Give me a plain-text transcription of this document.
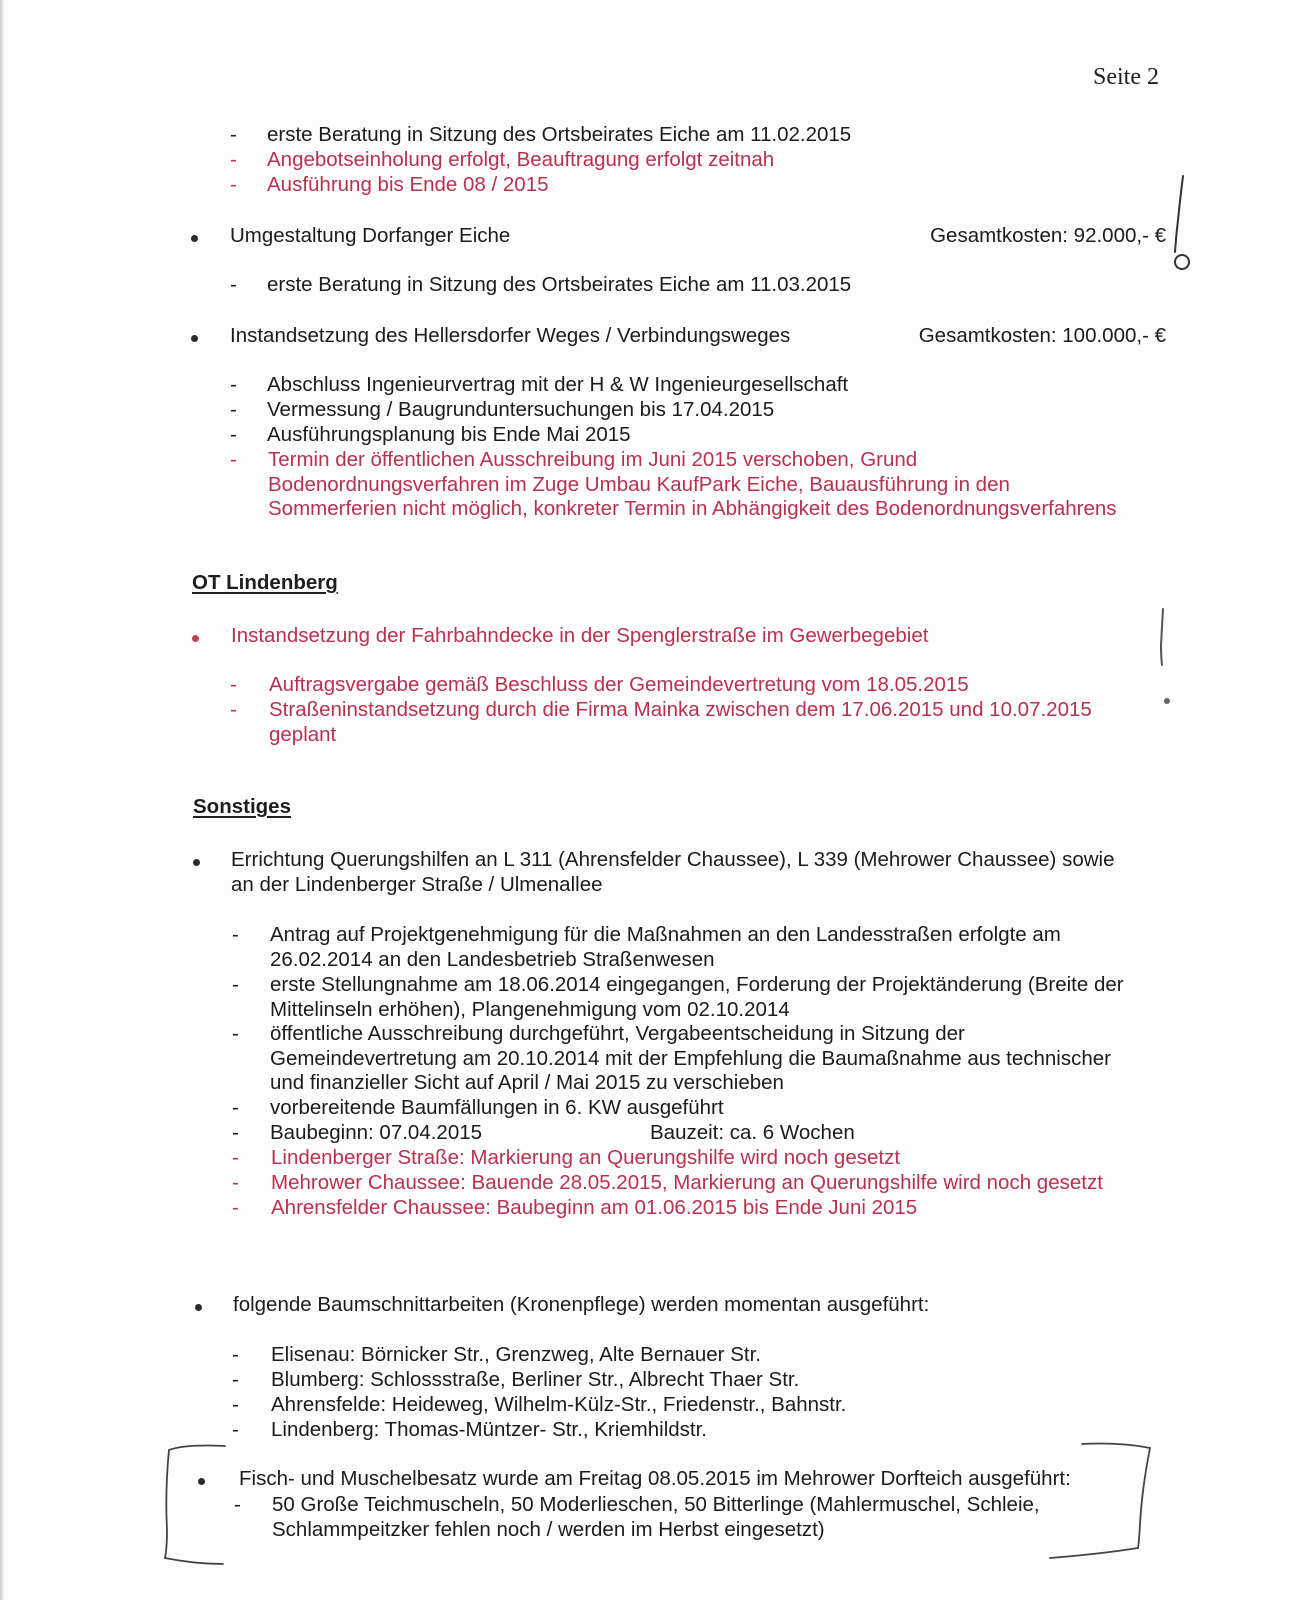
Seite 2
- erste Beratung in Sitzung des Ortsbeirates Eiche am 11.02.2015
- Angebotseinholung erfolgt, Beauftragung erfolgt zeitnah
- Ausführung bis Ende 08 / 2015
Umgestaltung Dorfanger Eiche	Gesamtkosten: 92.000,- €
- erste Beratung in Sitzung des Ortsbeirates Eiche am 11.03.2015
Instandsetzung des Hellersdorfer Weges / Verbindungsweges	Gesamtkosten: 100.000,- €
- Abschluss Ingenieurvertrag mit der H & W Ingenieurgesellschaft
- Vermessung / Baugrunduntersuchungen bis 17.04.2015
- Ausführungsplanung bis Ende Mai 2015
- Termin der öffentlichen Ausschreibung im Juni 2015 verschoben, Grund
Bodenordnungsverfahren im Zuge Umbau KaufPark Eiche, Bauausführung in den
Sommerferien nicht möglich, konkreter Termin in Abhängigkeit des Bodenordnungsverfahrens
OT Lindenberg
Instandsetzung der Fahrbahndecke in der Spenglerstraße im Gewerbegebiet
- Auftragsvergabe gemäß Beschluss der Gemeindevertretung vom 18.05.2015
- Straßeninstandsetzung durch die Firma Mainka zwischen dem 17.06.2015 und 10.07.2015
geplant
Sonstiges
Errichtung Querungshilfen an L 311 (Ahrensfelder Chaussee), L 339 (Mehrower Chaussee) sowie
an der Lindenberger Straße / Ulmenallee
- Antrag auf Projektgenehmigung für die Maßnahmen an den Landesstraßen erfolgte am
26.02.2014 an den Landesbetrieb Straßenwesen
- erste Stellungnahme am 18.06.2014 eingegangen, Forderung der Projektänderung (Breite der
Mittelinseln erhöhen), Plangenehmigung vom 02.10.2014
- öffentliche Ausschreibung durchgeführt, Vergabeentscheidung in Sitzung der
Gemeindevertretung am 20.10.2014 mit der Empfehlung die Baumaßnahme aus technischer
und finanzieller Sicht auf April / Mai 2015 zu verschieben
- vorbereitende Baumfällungen in 6. KW ausgeführt
- Baubeginn: 07.04.2015	Bauzeit: ca. 6 Wochen
- Lindenberger Straße: Markierung an Querungshilfe wird noch gesetzt
- Mehrower Chaussee: Bauende 28.05.2015, Markierung an Querungshilfe wird noch gesetzt
- Ahrensfelder Chaussee: Baubeginn am 01.06.2015 bis Ende Juni 2015
folgende Baumschnittarbeiten (Kronenpflege) werden momentan ausgeführt:
- Elisenau: Börnicker Str., Grenzweg, Alte Bernauer Str.
- Blumberg: Schlossstraße, Berliner Str., Albrecht Thaer Str.
- Ahrensfelde: Heideweg, Wilhelm-Külz-Str., Friedenstr., Bahnstr.
- Lindenberg: Thomas-Müntzer- Str., Kriemhildstr.
Fisch- und Muschelbesatz wurde am Freitag 08.05.2015 im Mehrower Dorfteich ausgeführt:
- 50 Große Teichmuscheln, 50 Moderlieschen, 50 Bitterlinge (Mahlermuschel, Schleie,
Schlammpeitzker fehlen noch / werden im Herbst eingesetzt)
